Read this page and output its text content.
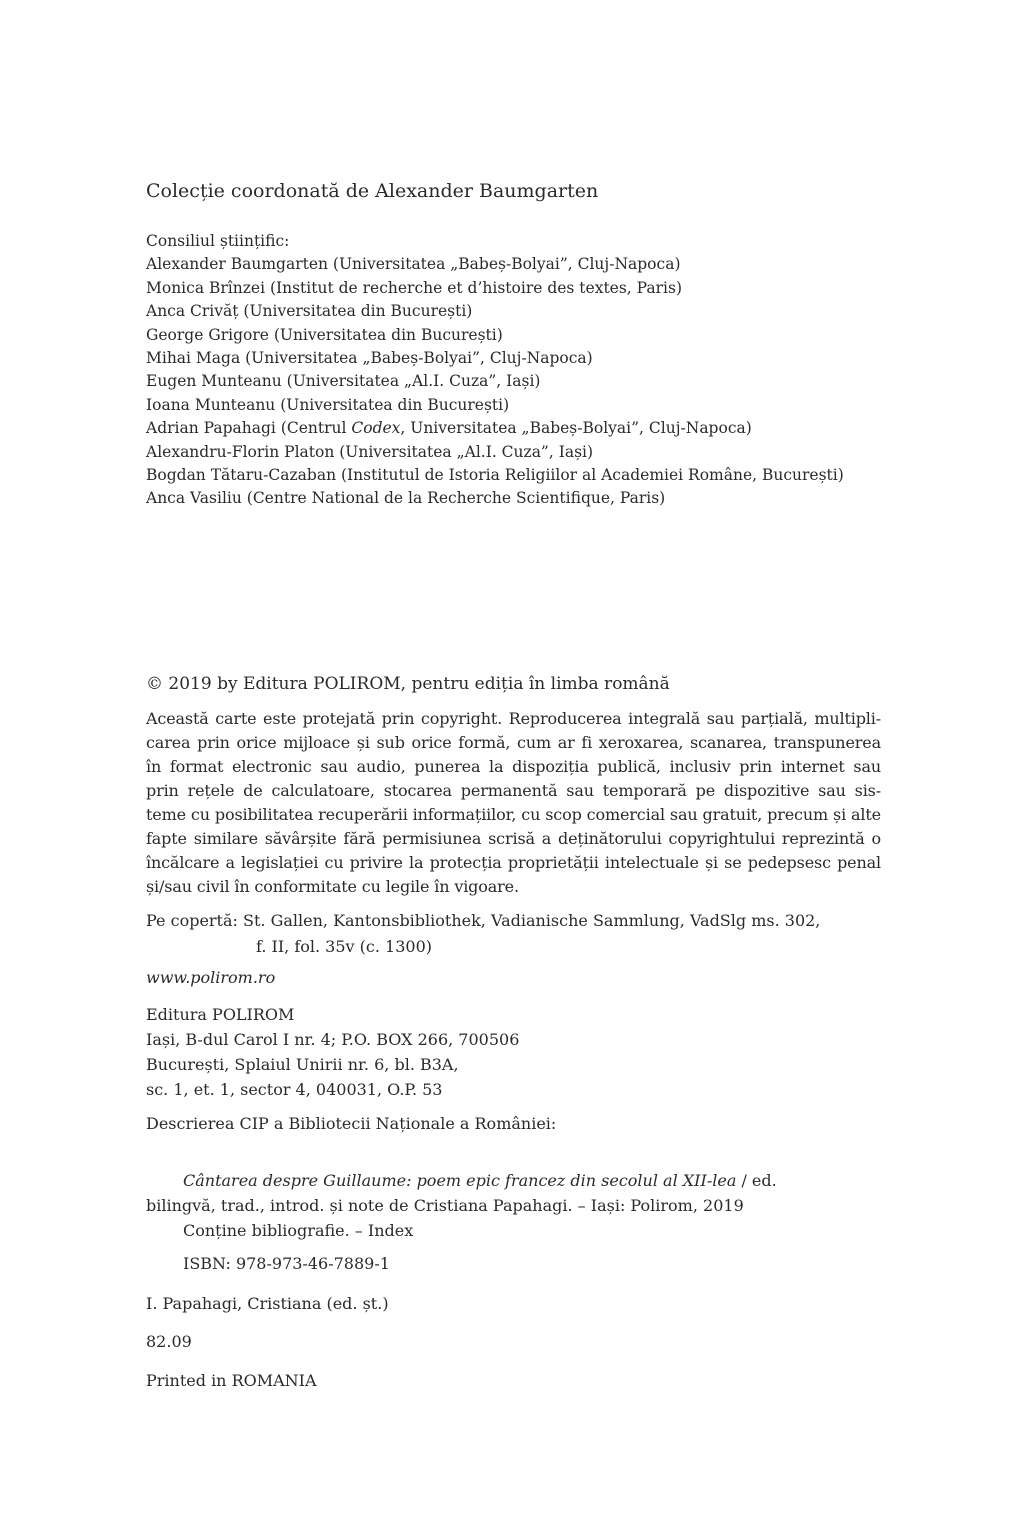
Colecție coordonată de Alexander Baumgarten
Consiliul științific:
Alexander Baumgarten (Universitatea „Babeș-Bolyai”, Cluj-Napoca)
Monica Brînzei (Institut de recherche et d’histoire des textes, Paris)
Anca Crivăț (Universitatea din București)
George Grigore (Universitatea din București)
Mihai Maga (Universitatea „Babeș-Bolyai”, Cluj-Napoca)
Eugen Munteanu (Universitatea „Al.I. Cuza”, Iași)
Ioana Munteanu (Universitatea din București)
Adrian Papahagi (Centrul Codex, Universitatea „Babeș-Bolyai”, Cluj-Napoca)
Alexandru-Florin Platon (Universitatea „Al.I. Cuza”, Iași)
Bogdan Tătaru-Cazaban (Institutul de Istoria Religiilor al Academiei Române, București)
Anca Vasiliu (Centre National de la Recherche Scientifique, Paris)
© 2019 by Editura POLIROM, pentru ediția în limba română
Această carte este protejată prin copyright. Reproducerea integrală sau parțială, multipli-
carea prin orice mijloace și sub orice formă, cum ar fi xeroxarea, scanarea, transpunerea
în format electronic sau audio, punerea la dispoziția publică, inclusiv prin internet sau
prin rețele de calculatoare, stocarea permanentă sau temporară pe dispozitive sau sis-
teme cu posibilitatea recuperării informațiilor, cu scop comercial sau gratuit, precum și alte
fapte similare săvârșite fără permisiunea scrisă a deținătorului copyrightului reprezintă o
încălcare a legislației cu privire la protecția proprietății intelectuale și se pedepsesc penal
și/sau civil în conformitate cu legile în vigoare.
Pe copertă: St. Gallen, Kantonsbibliothek, Vadianische Sammlung, VadSlg ms. 302,
f. II, fol. 35v (c. 1300)
www.polirom.ro
Editura POLIROM
Iași, B-dul Carol I nr. 4; P.O. BOX 266, 700506
București, Splaiul Unirii nr. 6, bl. B3A,
sc. 1, et. 1, sector 4, 040031, O.P. 53
Descrierea CIP a Bibliotecii Naționale a României:
Cântarea despre Guillaume: poem epic francez din secolul al XII-lea / ed.
bilingvă, trad., introd. și note de Cristiana Papahagi. – Iași: Polirom, 2019
Conține bibliografie. – Index
ISBN: 978-973-46-7889-1
I. Papahagi, Cristiana (ed. șt.)
82.09
Printed in ROMANIA
